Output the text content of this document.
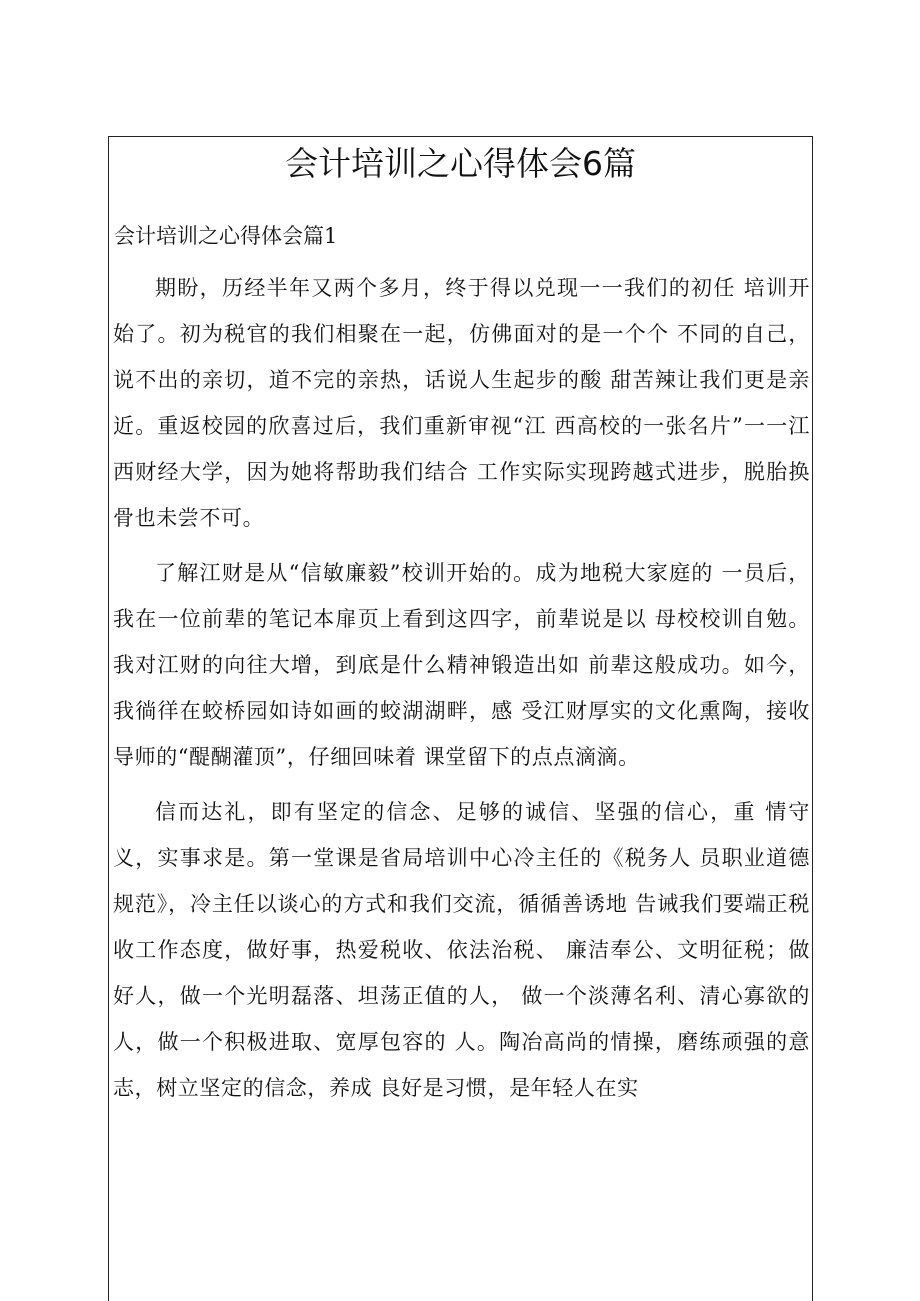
会计培训之心得体会6篇
会计培训之心得体会篇1

期盼，历经半年又两个多月，终于得以兑现一一我们的初任 培训开始了。初为税官的我们相聚在一起，仿佛面对的是一个个 不同的自己，说不出的亲切，道不完的亲热，话说人生起步的酸 甜苦辣让我们更是亲近。重返校园的欣喜过后，我们重新审视“江 西高校的一张名片”一一江西财经大学，因为她将帮助我们结合 工作实际实现跨越式进步，脱胎换骨也未尝不可。

了解江财是从“信敏廉毅”校训开始的。成为地税大家庭的 一员后，我在一位前辈的笔记本扉页上看到这四字，前辈说是以 母校校训自勉。我对江财的向往大增，到底是什么精神锻造出如 前辈这般成功。如今，我徜徉在蛟桥园如诗如画的蛟湖湖畔，感 受江财厚实的文化熏陶，接收导师的“醍醐灌顶”，仔细回味着 课堂留下的点点滴滴。

信而达礼，即有坚定的信念、足够的诚信、坚强的信心，重 情守义，实事求是。第一堂课是省局培训中心冷主任的《税务人 员职业道德规范》，冷主任以谈心的方式和我们交流，循循善诱地 告诫我们要端正税收工作态度，做好事，热爱税收、依法治税、 廉洁奉公、文明征税；做好人，做一个光明磊落、坦荡正值的人， 做一个淡薄名利、清心寡欲的人，做一个积极进取、宽厚包容的 人。陶冶高尚的情操，磨练顽强的意志，树立坚定的信念，养成 良好是习惯，是年轻人在实
